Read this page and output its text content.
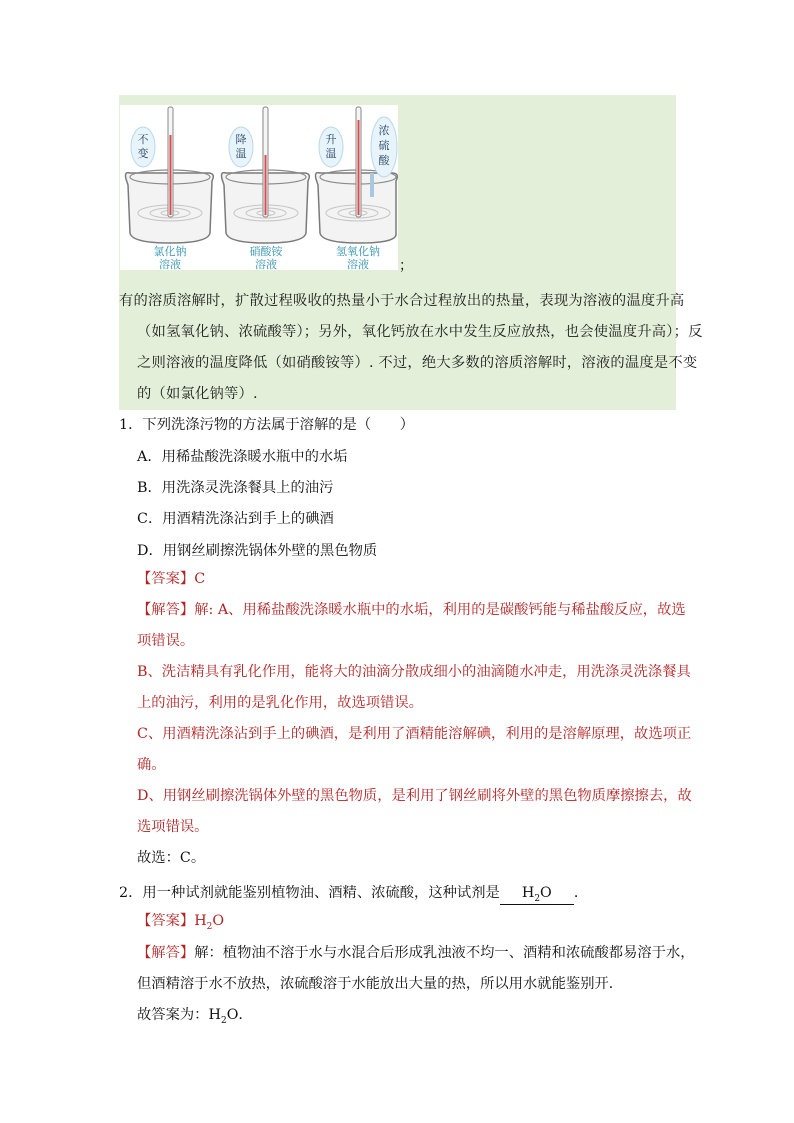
不
变
降
温
升
温
浓
硫
酸
氯化钠
溶液
硝酸铵
溶液
氢氧化钠
溶液 ；
有的溶质溶解时，扩散过程吸收的热量小于水合过程放出的热量，表现为溶液的温度升高
（如氢氧化钠、浓硫酸等）；另外，氧化钙放在水中发生反应放热，也会使温度升高）；反
之则溶液的温度降低（如硝酸铵等）. 不过，绝大多数的溶质溶解时，溶液的温度是不变
的（如氯化钠等）.
1．下列洗涤污物的方法属于溶解的是（　　）
A．用稀盐酸洗涤暖水瓶中的水垢
B．用洗涤灵洗涤餐具上的油污
C．用酒精洗涤沾到手上的碘酒
D．用钢丝刷擦洗锅体外壁的黑色物质
【答案】C
【解答】解: A、用稀盐酸洗涤暖水瓶中的水垢，利用的是碳酸钙能与稀盐酸反应，故选
项错误。
B、洗洁精具有乳化作用，能将大的油滴分散成细小的油滴随水冲走，用洗涤灵洗涤餐具
上的油污，利用的是乳化作用，故选项错误。
C、用酒精洗涤沾到手上的碘酒，是利用了酒精能溶解碘，利用的是溶解原理，故选项正
确。
D、用钢丝刷擦洗锅体外壁的黑色物质，是利用了钢丝刷将外壁的黑色物质摩擦擦去，故
选项错误。
故选：C。
2．用一种试剂就能鉴别植物油、酒精、浓硫酸，这种试剂是 $H_2O$ ．
【答案】$H_2O$
【解答】解：植物油不溶于水与水混合后形成乳浊液不均一、酒精和浓硫酸都易溶于水，
但酒精溶于水不放热，浓硫酸溶于水能放出大量的热，所以用水就能鉴别开．
故答案为：$H_2O$．
